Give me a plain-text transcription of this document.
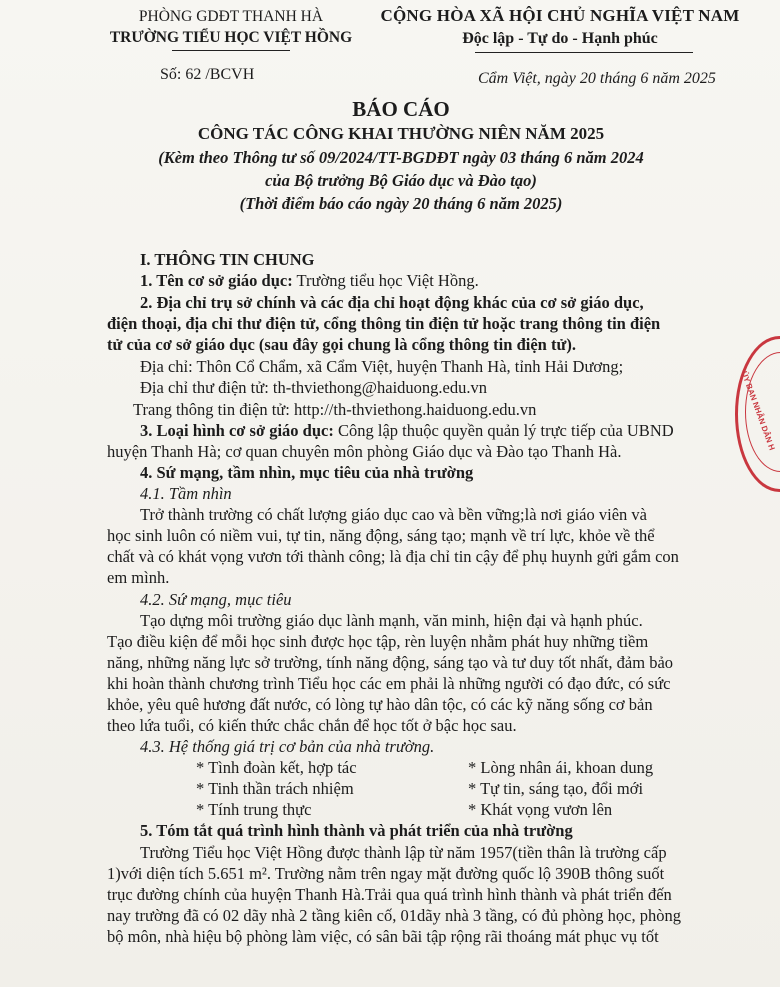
PHÒNG GDĐT THANH HÀ
TRƯỜNG TIỂU HỌC VIỆT HỒNG
CỘNG HÒA XÃ HỘI CHỦ NGHĨA VIỆT NAM
Độc lập - Tự do - Hạnh phúc
Số: 62 /BCVH	Cẩm Việt, ngày 20 tháng 6 năm 2025
BÁO CÁO
CÔNG TÁC CÔNG KHAI THƯỜNG NIÊN NĂM 2025
(Kèm theo Thông tư số 09/2024/TT-BGDĐT ngày 03 tháng 6 năm 2024
của Bộ trưởng Bộ Giáo dục và Đào tạo)
(Thời điểm báo cáo ngày 20 tháng 6 năm 2025)
I. THÔNG TIN CHUNG
1. Tên cơ sở giáo dục: Trường tiểu học Việt Hồng.
2. Địa chỉ trụ sở chính và các địa chỉ hoạt động khác của cơ sở giáo dục,
điện thoại, địa chỉ thư điện tử, cổng thông tin điện tử hoặc trang thông tin điện
tử của cơ sở giáo dục (sau đây gọi chung là cổng thông tin điện tử).
Địa chỉ: Thôn Cổ Chẩm, xã Cẩm Việt, huyện Thanh Hà, tỉnh Hải Dương;
Địa chỉ thư điện tử: th-thviethong@haiduong.edu.vn
Trang thông tin điện tử: http://th-thviethong.haiduong.edu.vn
3. Loại hình cơ sở giáo dục: Công lập thuộc quyền quản lý trực tiếp của UBND
huyện Thanh Hà; cơ quan chuyên môn phòng Giáo dục và Đào tạo Thanh Hà.
4. Sứ mạng, tầm nhìn, mục tiêu của nhà trường
4.1. Tầm nhìn
Trở thành trường có chất lượng giáo dục cao và bền vững;là nơi giáo viên và
học sinh luôn có niềm vui, tự tin, năng động, sáng tạo; mạnh về trí lực, khỏe về thể
chất và có khát vọng vươn tới thành công; là địa chỉ tin cậy để phụ huynh gửi gắm con
em mình.
4.2. Sứ mạng, mục tiêu
Tạo dựng môi trường giáo dục lành mạnh, văn minh, hiện đại và hạnh phúc.
Tạo điều kiện để mỗi học sinh được học tập, rèn luyện nhằm phát huy những tiềm
năng, những năng lực sở trường, tính năng động, sáng tạo và tư duy tốt nhất, đảm bảo
khi hoàn thành chương trình Tiểu học các em phải là những người có đạo đức, có sức
khỏe, yêu quê hương đất nước, có lòng tự hào dân tộc, có các kỹ năng sống cơ bản
theo lứa tuổi, có kiến thức chắc chắn để học tốt ở bậc học sau.
4.3. Hệ thống giá trị cơ bản của nhà trường.
* Tình đoàn kết, hợp tác
* Tinh thần trách nhiệm
* Tính trung thực
* Lòng nhân ái, khoan dung
* Tự tin, sáng tạo, đổi mới
* Khát vọng vươn lên
5. Tóm tắt quá trình hình thành và phát triển của nhà trường
Trường Tiểu học Việt Hồng được thành lập từ năm 1957(tiền thân là trường cấp
1)với diện tích 5.651 m². Trường nằm trên ngay mặt đường quốc lộ 390B thông suốt
trục đường chính của huyện Thanh Hà.Trải qua quá trình hình thành và phát triển đến
nay trường đã có 02 dãy nhà 2 tầng kiên cố, 01dãy nhà 3 tầng, có đủ phòng học, phòng
bộ môn, nhà hiệu bộ phòng làm việc, có sân bãi tập rộng rãi thoáng mát phục vụ tốt
ỦY BAN NHÂN DÂN H
